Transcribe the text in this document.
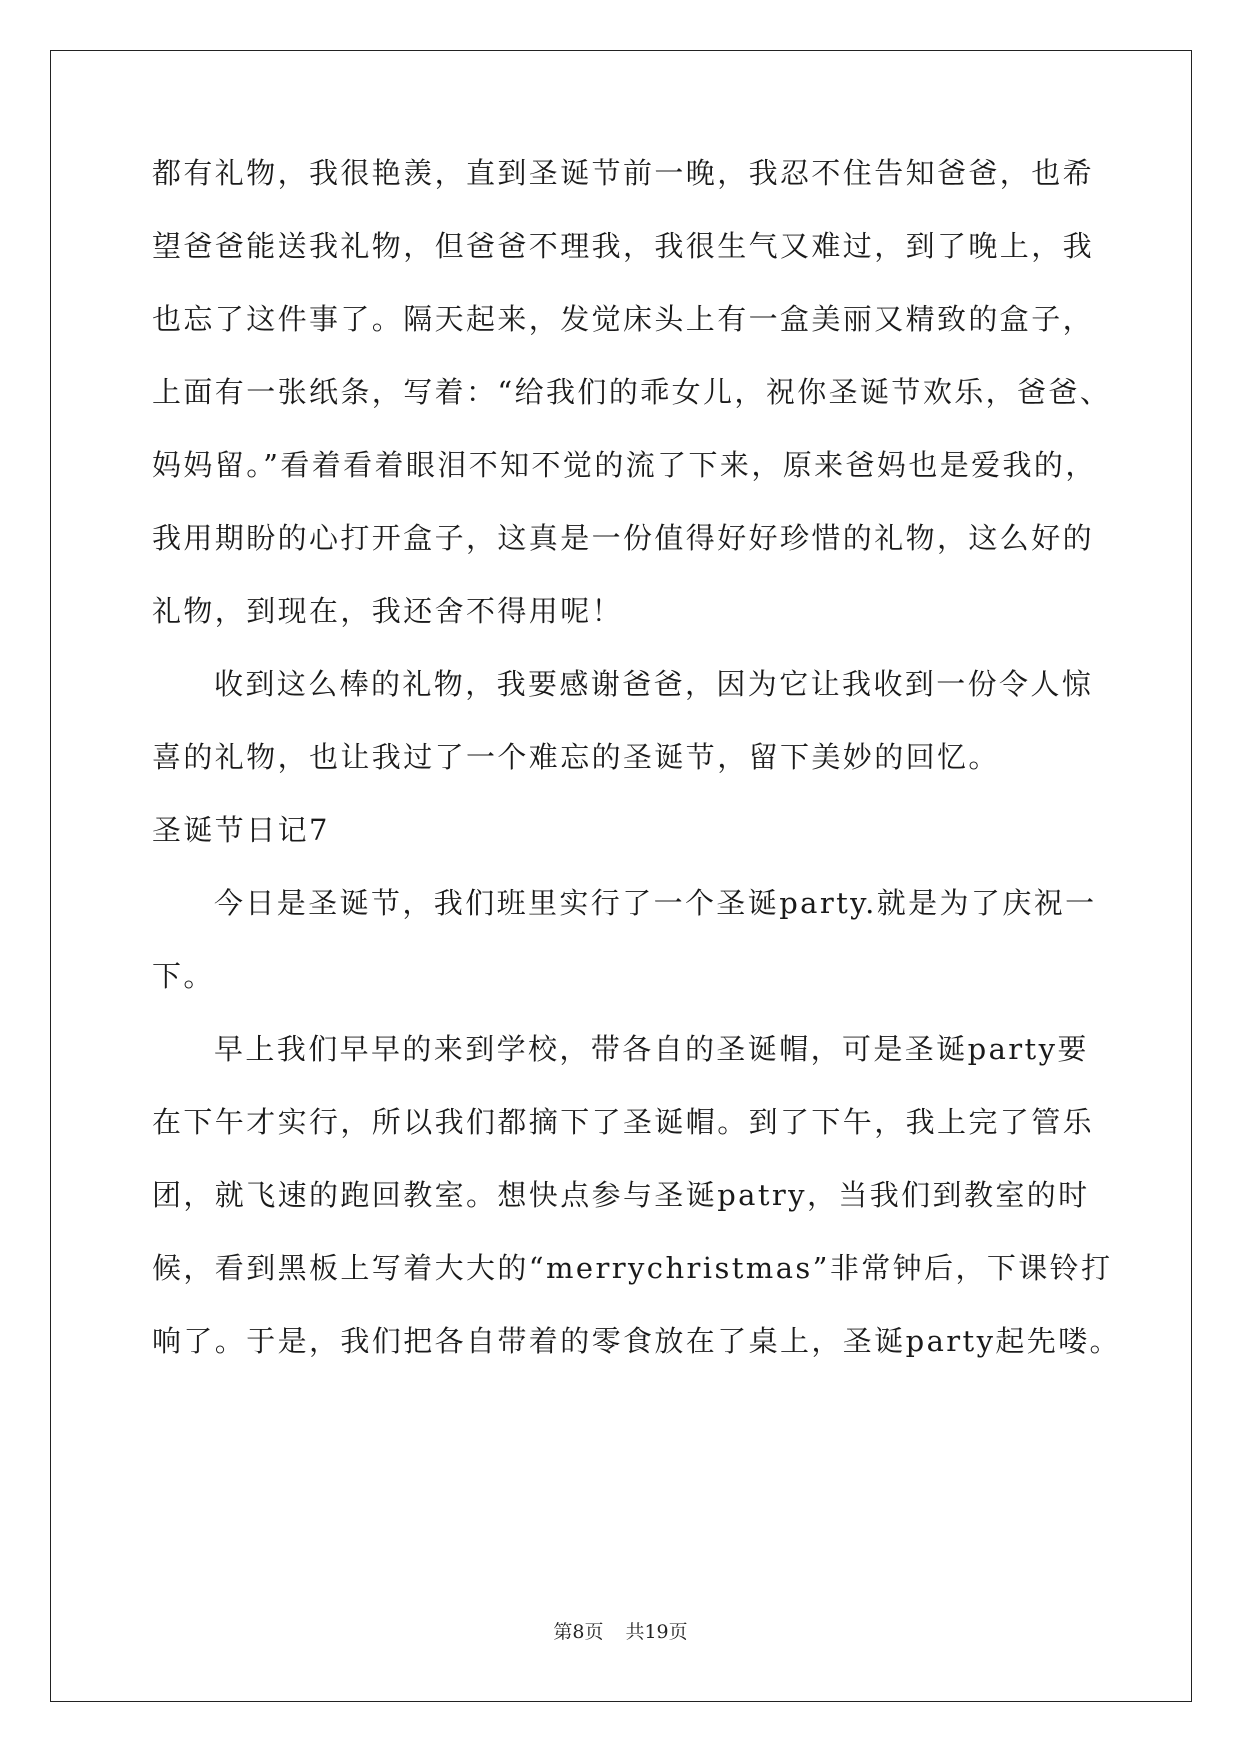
都有礼物，我很艳羡，直到圣诞节前一晚，我忍不住告知爸爸，也希
望爸爸能送我礼物，但爸爸不理我，我很生气又难过，到了晚上，我
也忘了这件事了。隔天起来，发觉床头上有一盒美丽又精致的盒子，
上面有一张纸条，写着：“给我们的乖女儿，祝你圣诞节欢乐，爸爸、
妈妈留。”看着看着眼泪不知不觉的流了下来，原来爸妈也是爱我的，
我用期盼的心打开盒子，这真是一份值得好好珍惜的礼物，这么好的
礼物，到现在，我还舍不得用呢！
收到这么棒的礼物，我要感谢爸爸，因为它让我收到一份令人惊
喜的礼物，也让我过了一个难忘的圣诞节，留下美妙的回忆。
圣诞节日记7
今日是圣诞节，我们班里实行了一个圣诞party.就是为了庆祝一
下。
早上我们早早的来到学校，带各自的圣诞帽，可是圣诞party要
在下午才实行，所以我们都摘下了圣诞帽。到了下午，我上完了管乐
团，就飞速的跑回教室。想快点参与圣诞patry，当我们到教室的时
候，看到黑板上写着大大的“merrychristmas”非常钟后，下课铃打
响了。于是，我们把各自带着的零食放在了桌上，圣诞party起先喽。
第8页 共19页
